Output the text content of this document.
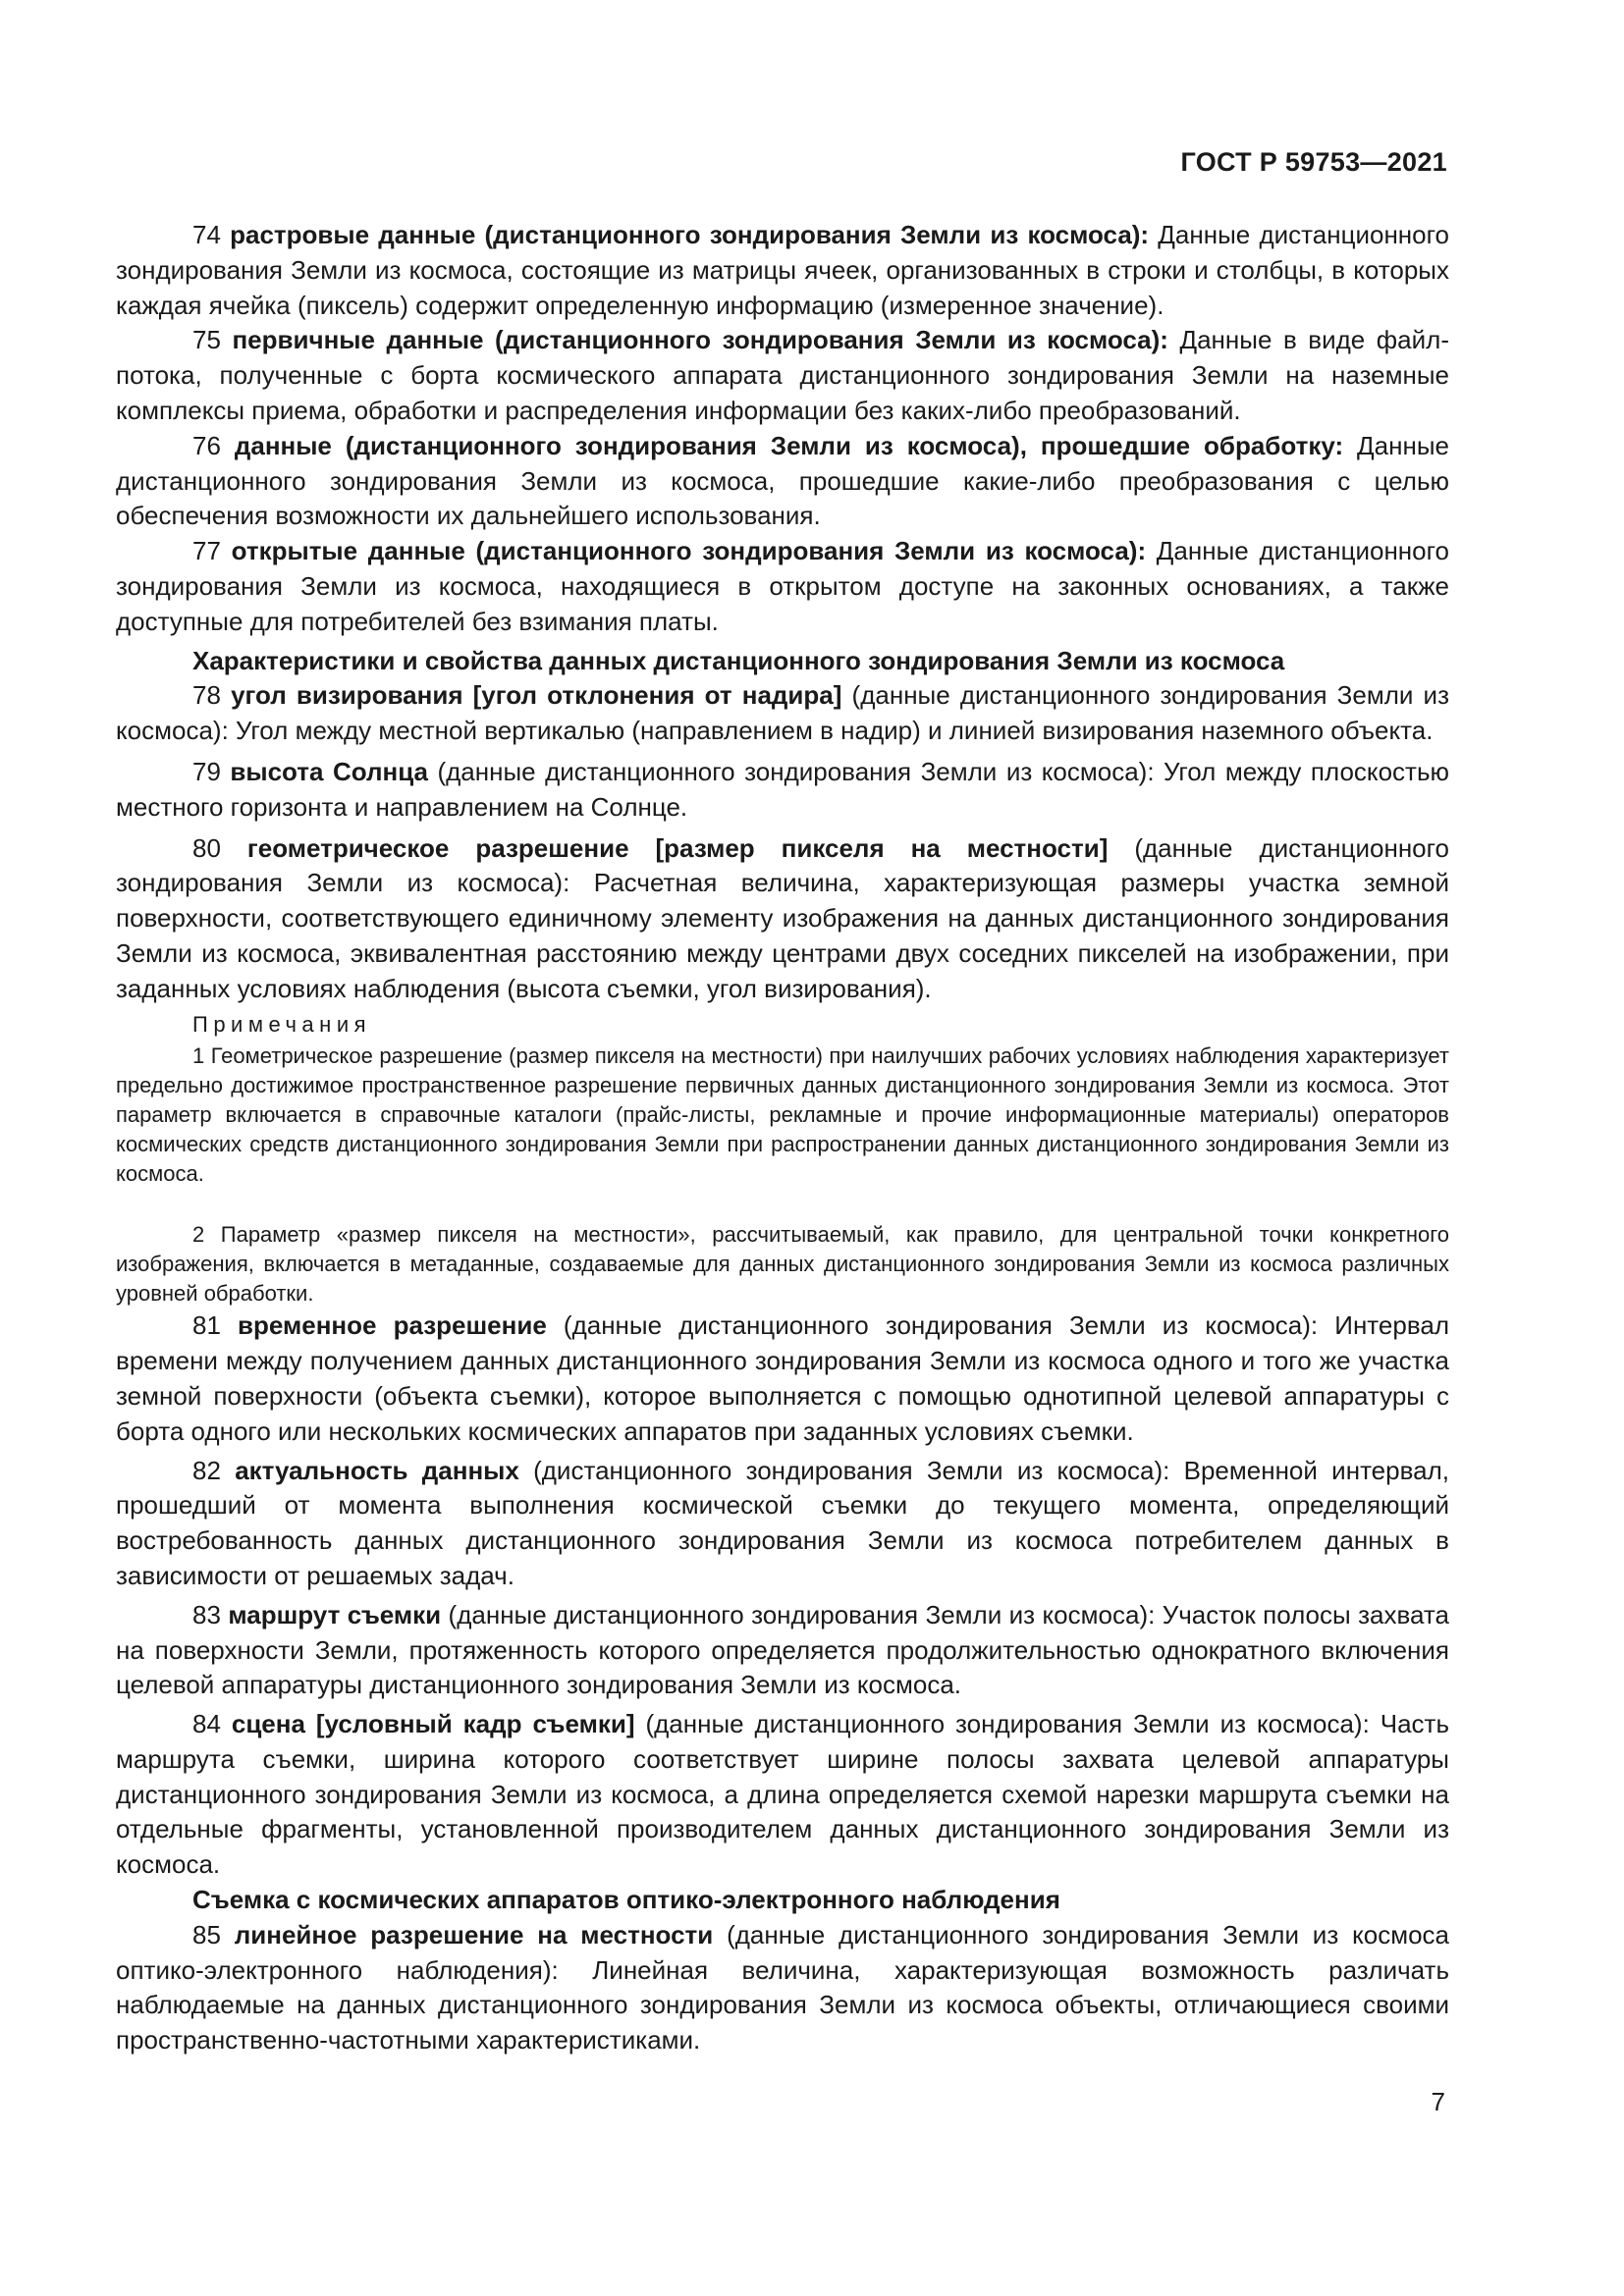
ГОСТ Р 59753—2021

74 растровые данные (дистанционного зондирования Земли из космоса): Данные дистанционного зондирования Земли из космоса, состоящие из матрицы ячеек, организованных в строки и столбцы, в которых каждая ячейка (пиксель) содержит определенную информацию (измеренное значение).

75 первичные данные (дистанционного зондирования Земли из космоса): Данные в виде файл-потока, полученные с борта космического аппарата дистанционного зондирования Земли на наземные комплексы приема, обработки и распределения информации без каких-либо преобразований.

76 данные (дистанционного зондирования Земли из космоса), прошедшие обработку: Данные дистанционного зондирования Земли из космоса, прошедшие какие-либо преобразования с целью обеспечения возможности их дальнейшего использования.

77 открытые данные (дистанционного зондирования Земли из космоса): Данные дистанционного зондирования Земли из космоса, находящиеся в открытом доступе на законных основаниях, а также доступные для потребителей без взимания платы.

Характеристики и свойства данных дистанционного зондирования Земли из космоса

78 угол визирования [угол отклонения от надира] (данные дистанционного зондирования Земли из космоса): Угол между местной вертикалью (направлением в надир) и линией визирования наземного объекта.

79 высота Солнца (данные дистанционного зондирования Земли из космоса): Угол между плоскостью местного горизонта и направлением на Солнце.

80 геометрическое разрешение [размер пикселя на местности] (данные дистанционного зондирования Земли из космоса): Расчетная величина, характеризующая размеры участка земной поверхности, соответствующего единичному элементу изображения на данных дистанционного зондирования Земли из космоса, эквивалентная расстоянию между центрами двух соседних пикселей на изображении, при заданных условиях наблюдения (высота съемки, угол визирования).

Примечания

1 Геометрическое разрешение (размер пикселя на местности) при наилучших рабочих условиях наблюдения характеризует предельно достижимое пространственное разрешение первичных данных дистанционного зондирования Земли из космоса. Этот параметр включается в справочные каталоги (прайс-листы, рекламные и прочие информационные материалы) операторов космических средств дистанционного зондирования Земли при распространении данных дистанционного зондирования Земли из космоса.

2 Параметр «размер пикселя на местности», рассчитываемый, как правило, для центральной точки конкретного изображения, включается в метаданные, создаваемые для данных дистанционного зондирования Земли из космоса различных уровней обработки.

81 временное разрешение (данные дистанционного зондирования Земли из космоса): Интервал времени между получением данных дистанционного зондирования Земли из космоса одного и того же участка земной поверхности (объекта съемки), которое выполняется с помощью однотипной целевой аппаратуры с борта одного или нескольких космических аппаратов при заданных условиях съемки.

82 актуальность данных (дистанционного зондирования Земли из космоса): Временной интервал, прошедший от момента выполнения космической съемки до текущего момента, определяющий востребованность данных дистанционного зондирования Земли из космоса потребителем данных в зависимости от решаемых задач.

83 маршрут съемки (данные дистанционного зондирования Земли из космоса): Участок полосы захвата на поверхности Земли, протяженность которого определяется продолжительностью однократного включения целевой аппаратуры дистанционного зондирования Земли из космоса.

84 сцена [условный кадр съемки] (данные дистанционного зондирования Земли из космоса): Часть маршрута съемки, ширина которого соответствует ширине полосы захвата целевой аппаратуры дистанционного зондирования Земли из космоса, а длина определяется схемой нарезки маршрута съемки на отдельные фрагменты, установленной производителем данных дистанционного зондирования Земли из космоса.

Съемка с космических аппаратов оптико-электронного наблюдения

85 линейное разрешение на местности (данные дистанционного зондирования Земли из космоса оптико-электронного наблюдения): Линейная величина, характеризующая возможность различать наблюдаемые на данных дистанционного зондирования Земли из космоса объекты, отличающиеся своими пространственно-частотными характеристиками.

7
